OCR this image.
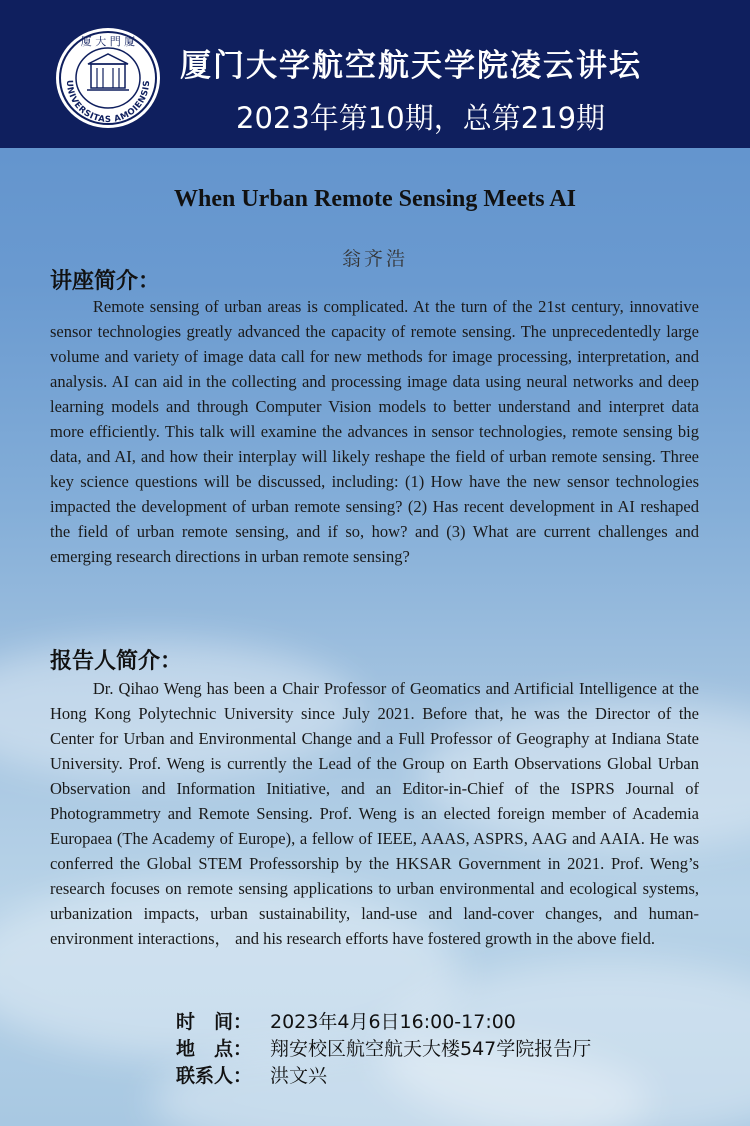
厦 大 門 廈
UNIVERSITAS AMOIENSIS 厦门大学航空航天学院凌云讲坛
2023年第10期，总第219期
When Urban Remote Sensing Meets AI
翁齐浩
讲座简介：
Remote sensing of urban areas is complicated. At the turn of the 21st century, innovative sensor technologies greatly advanced the capacity of remote sensing. The unprecedentedly large volume and variety of image data call for new methods for image processing, interpretation, and analysis. AI can aid in the collecting and processing image data using neural networks and deep learning models and through Computer Vision models to better understand and interpret data more efficiently. This talk will examine the advances in sensor technologies, remote sensing big data, and AI, and how their interplay will likely reshape the field of urban remote sensing. Three key science questions will be discussed, including: (1) How have the new sensor technologies impacted the development of urban remote sensing? (2) Has recent development in AI reshaped the field of urban remote sensing, and if so, how? and (3) What are current challenges and emerging research directions in urban remote sensing?
报告人简介：
Dr. Qihao Weng has been a Chair Professor of Geomatics and Artificial Intelligence at the Hong Kong Polytechnic University since July 2021. Before that, he was the Director of the Center for Urban and Environmental Change and a Full Professor of Geography at Indiana State University. Prof. Weng is currently the Lead of the Group on Earth Observations Global Urban Observation and Information Initiative, and an Editor-in-Chief of the ISPRS Journal of Photogrammetry and Remote Sensing. Prof. Weng is an elected foreign member of Academia Europaea (The Academy of Europe), a fellow of IEEE, AAAS, ASPRS, AAG and AAIA. He was conferred the Global STEM Professorship by the HKSAR Government in 2021. Prof. Weng’s research focuses on remote sensing applications to urban environmental and ecological systems, urbanization impacts, urban sustainability, land-use and land-cover changes, and human-environment interactions， and his research efforts have fostered growth in the above field.
时　间： 2023年4月6日16:00-17:00
地　点： 翔安校区航空航天大楼547学院报告厅
联系人： 洪文兴
